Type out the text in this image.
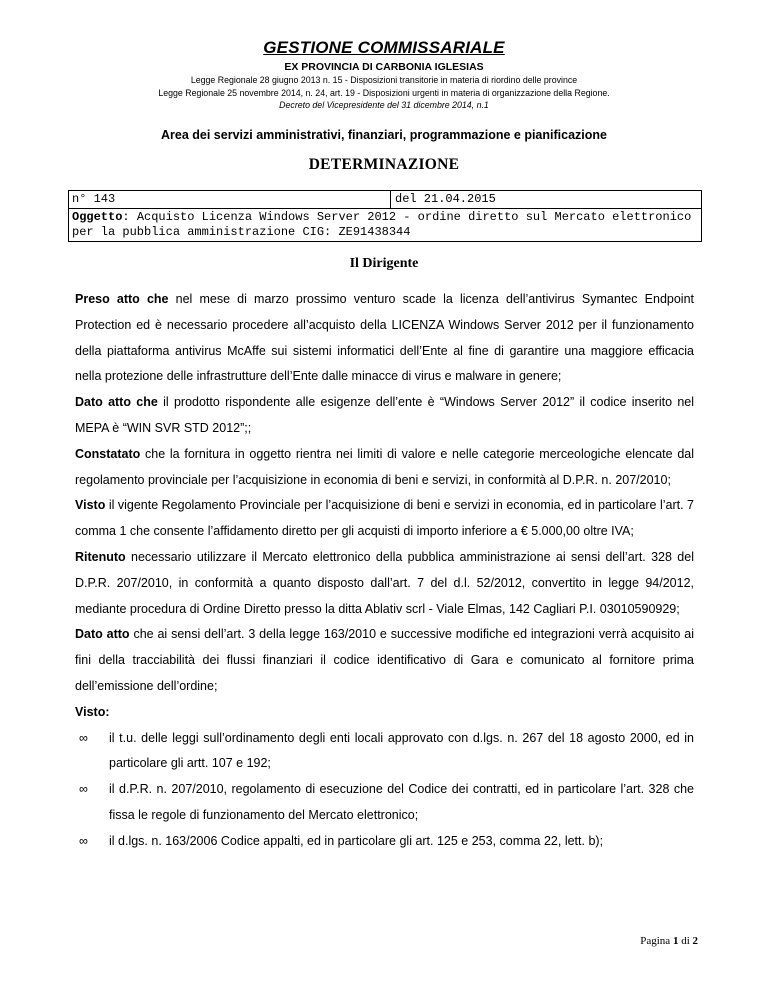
GESTIONE COMMISSARIALE
EX PROVINCIA DI CARBONIA IGLESIAS
Legge Regionale 28 giugno 2013 n. 15 - Disposizioni transitorie in materia di riordino delle province
Legge Regionale 25 novembre 2014, n. 24, art. 19 - Disposizioni urgenti in materia di organizzazione della Regione.
Decreto del Vicepresidente del 31 dicembre 2014, n.1
Area dei servizi amministrativi, finanziari, programmazione e pianificazione
DETERMINAZIONE
n° 143	del 21.04.2015
Oggetto: Acquisto Licenza Windows Server 2012 - ordine diretto sul Mercato elettronico per la pubblica amministrazione CIG: ZE91438344
Il Dirigente

Preso atto che nel mese di marzo prossimo venturo scade la licenza dell’antivirus Symantec Endpoint Protection ed è necessario procedere all’acquisto della LICENZA Windows Server 2012 per il funzionamento della piattaforma antivirus McAffe sui sistemi informatici dell’Ente al fine di garantire una maggiore efficacia nella protezione delle infrastrutture dell’Ente dalle minacce di virus e malware in genere;

Dato atto che il prodotto rispondente alle esigenze dell’ente è “Windows Server 2012” il codice inserito nel MEPA è “WIN SVR STD 2012”;;

Constatato che la fornitura in oggetto rientra nei limiti di valore e nelle categorie merceologiche elencate dal regolamento provinciale per l’acquisizione in economia di beni e servizi, in conformità al D.P.R. n. 207/2010;

Visto il vigente Regolamento Provinciale per l’acquisizione di beni e servizi in economia, ed in particolare l’art. 7 comma 1 che consente l’affidamento diretto per gli acquisti di importo inferiore a € 5.000,00 oltre IVA;

Ritenuto necessario utilizzare il Mercato elettronico della pubblica amministrazione ai sensi dell’art. 328 del D.P.R. 207/2010, in conformità a quanto disposto dall’art. 7 del d.l. 52/2012, convertito in legge 94/2012, mediante procedura di Ordine Diretto presso la ditta Ablativ scrl - Viale Elmas, 142 Cagliari P.I. 03010590929;

Dato atto che ai sensi dell’art. 3 della legge 163/2010 e successive modifiche ed integrazioni verrà acquisito ai fini della tracciabilità dei flussi finanziari il codice identificativo di Gara e comunicato al fornitore prima dell’emissione dell’ordine;

Visto:

∞ il t.u. delle leggi sull’ordinamento degli enti locali approvato con d.lgs. n. 267 del 18 agosto 2000, ed in particolare gli artt. 107 e 192;
∞ il d.P.R. n. 207/2010, regolamento di esecuzione del Codice dei contratti, ed in particolare l’art. 328 che fissa le regole di funzionamento del Mercato elettronico;
∞ il d.lgs. n. 163/2006 Codice appalti, ed in particolare gli art. 125 e 253, comma 22, lett. b);
Pagina 1 di 2
